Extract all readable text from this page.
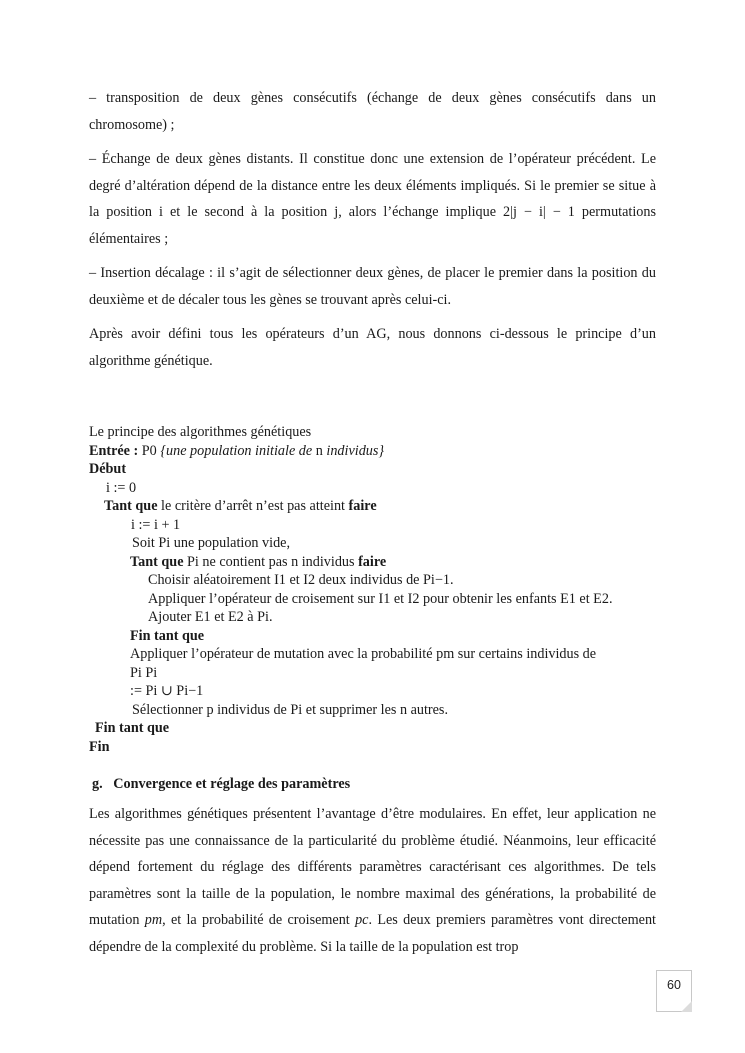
– transposition de deux gènes consécutifs (échange de deux gènes consécutifs dans un chromosome) ;

– Échange de deux gènes distants. Il constitue donc une extension de l’opérateur précédent. Le degré d’altération dépend de la distance entre les deux éléments impliqués. Si le premier se situe à la position i et le second à la position j, alors l’échange implique 2|j − i| − 1 permutations élémentaires ;

– Insertion décalage : il s’agit de sélectionner deux gènes, de placer le premier dans la position du deuxième et de décaler tous les gènes se trouvant après celui-ci.

Après avoir défini tous les opérateurs d’un AG, nous donnons ci-dessous le principe d’un algorithme génétique.

Le principe des algorithmes génétiques
Entrée : P0 {une population initiale de n individus}
Début
i := 0
Tant que le critère d’arrêt n’est pas atteint faire
i := i + 1
Soit Pi une population vide,
Tant que Pi ne contient pas n individus faire
Choisir aléatoirement I1 et I2 deux individus de Pi−1.
Appliquer l’opérateur de croisement sur I1 et I2 pour obtenir les enfants E1 et E2.
Ajouter E1 et E2 à Pi.
Fin tant que
Appliquer l’opérateur de mutation avec la probabilité pm sur certains individus de
Pi Pi
:= Pi ∪ Pi−1
Sélectionner p individus de Pi et supprimer les n autres.
Fin tant que
Fin
g.   Convergence et réglage des paramètres

Les algorithmes génétiques présentent l’avantage d’être modulaires. En effet, leur application ne nécessite pas une connaissance de la particularité du problème étudié. Néanmoins, leur efficacité dépend fortement du réglage des différents paramètres caractérisant ces algorithmes. De tels paramètres sont la taille de la population, le nombre maximal des générations, la probabilité de mutation pm, et la probabilité de croisement pc. Les deux premiers paramètres vont directement dépendre de la complexité du problème. Si la taille de la population est trop

60
